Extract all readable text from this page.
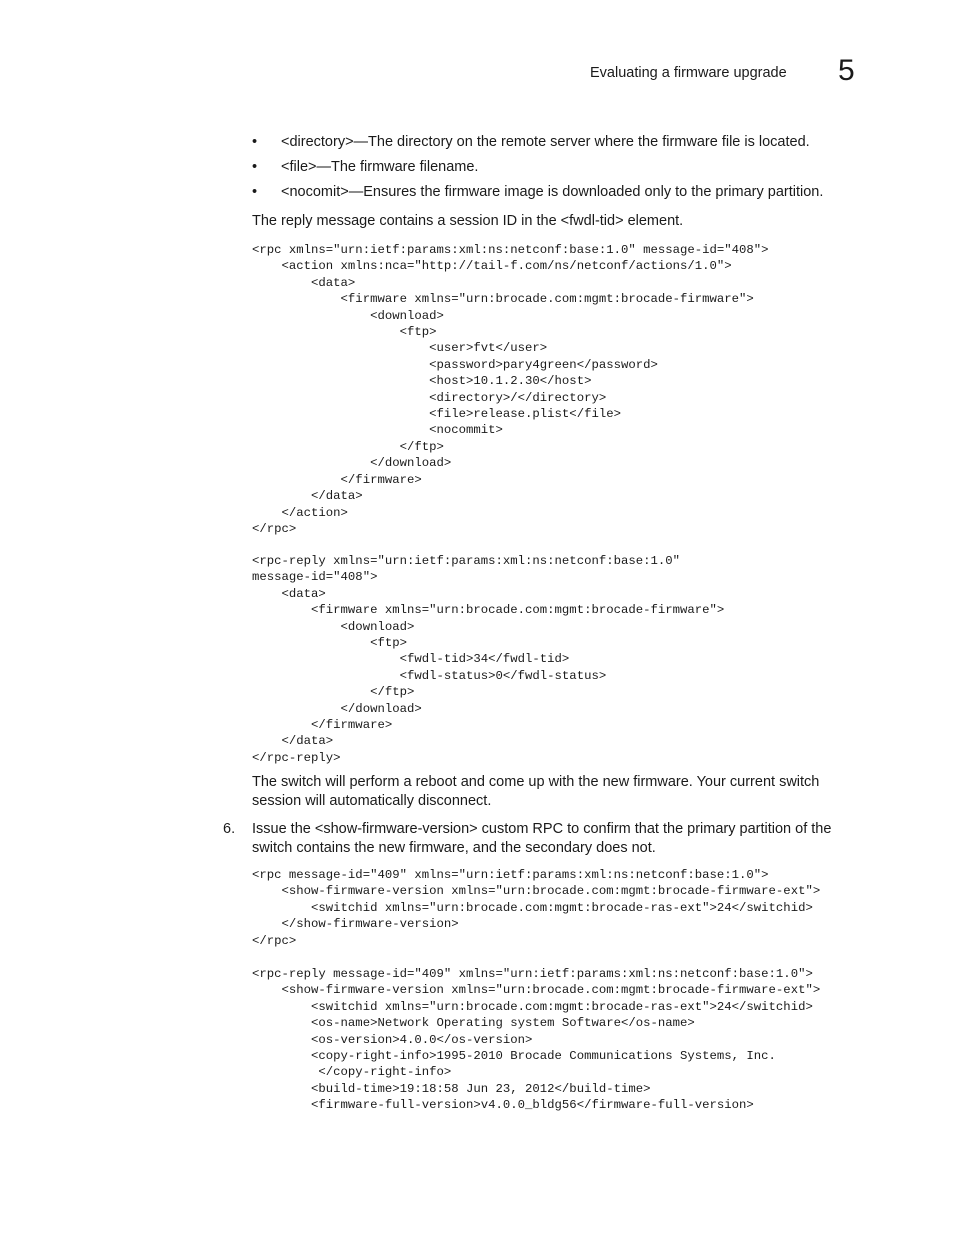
Evaluating a firmware upgrade 5
• <directory>—The directory on the remote server where the firmware file is located.
• <file>—The firmware filename.
• <nocomit>—Ensures the firmware image is downloaded only to the primary partition.

The reply message contains a session ID in the <fwdl-tid> element.

<rpc xmlns="urn:ietf:params:xml:ns:netconf:base:1.0" message-id="408">
<action xmlns:nca="http://tail-f.com/ns/netconf/actions/1.0">
<data>
<firmware xmlns="urn:brocade.com:mgmt:brocade-firmware">
<download>
<ftp>
<user>fvt</user>
<password>pary4green</password>
<host>10.1.2.30</host>
<directory>/</directory>
<file>release.plist</file>
<nocommit>
</ftp>
</download>
</firmware>
</data>
</action>
</rpc>
<rpc-reply xmlns="urn:ietf:params:xml:ns:netconf:base:1.0"
message-id="408">
<data>
<firmware xmlns="urn:brocade.com:mgmt:brocade-firmware">
<download>
<ftp>
<fwdl-tid>34</fwdl-tid>
<fwdl-status>0</fwdl-status>
</ftp>
</download>
</firmware>
</data>
</rpc-reply>

The switch will perform a reboot and come up with the new firmware. Your current switch session will automatically disconnect.

6. Issue the <show-firmware-version> custom RPC to confirm that the primary partition of the switch contains the new firmware, and the secondary does not.

<rpc message-id="409" xmlns="urn:ietf:params:xml:ns:netconf:base:1.0">
<show-firmware-version xmlns="urn:brocade.com:mgmt:brocade-firmware-ext">
<switchid xmlns="urn:brocade.com:mgmt:brocade-ras-ext">24</switchid>
</show-firmware-version>
</rpc>
<rpc-reply message-id="409" xmlns="urn:ietf:params:xml:ns:netconf:base:1.0">
<show-firmware-version xmlns="urn:brocade.com:mgmt:brocade-firmware-ext">
<switchid xmlns="urn:brocade.com:mgmt:brocade-ras-ext">24</switchid>
<os-name>Network Operating system Software</os-name>
<os-version>4.0.0</os-version>
<copy-right-info>1995-2010 Brocade Communications Systems, Inc.
</copy-right-info>
<build-time>19:18:58 Jun 23, 2012</build-time>
<firmware-full-version>v4.0.0_bldg56</firmware-full-version>
